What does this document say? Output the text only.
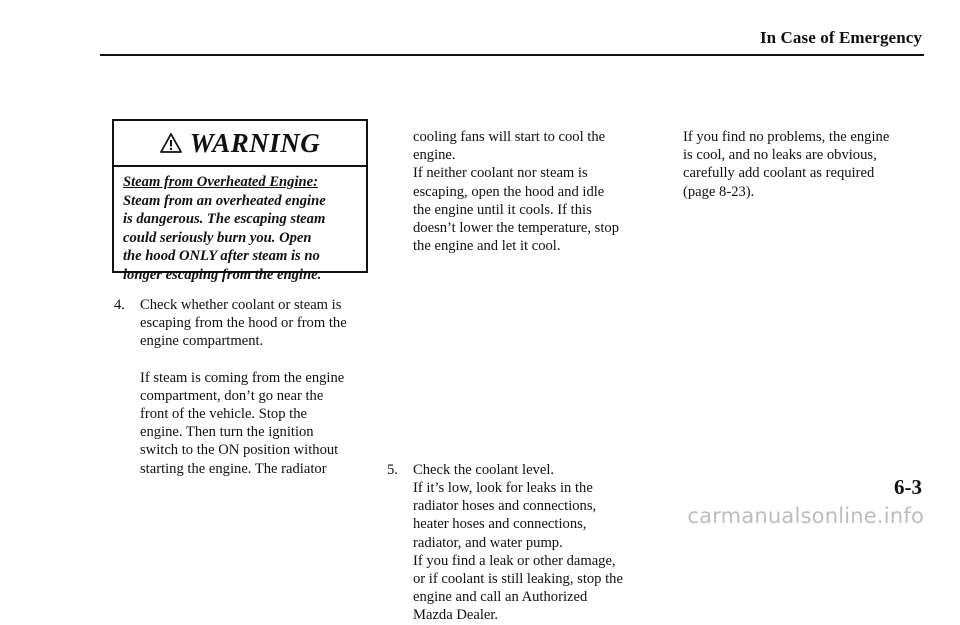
In Case of Emergency
WARNING
Steam from Overheated Engine:
Steam from an overheated engine
is dangerous. The escaping steam
could seriously burn you. Open
the hood ONLY after steam is no
longer escaping from the engine.
4. Check whether coolant or steam is
escaping from the hood or from the
engine compartment.

If steam is coming from the engine
compartment, don’t go near the
front of the vehicle. Stop the
engine. Then turn the ignition
switch to the ON position without
starting the engine. The radiator

cooling fans will start to cool the
engine.
If neither coolant nor steam is
escaping, open the hood and idle
the engine until it cools. If this
doesn’t lower the temperature, stop
the engine and let it cool.

5. Check the coolant level.
If it’s low, look for leaks in the
radiator hoses and connections,
heater hoses and connections,
radiator, and water pump.
If you find a leak or other damage,
or if coolant is still leaking, stop the
engine and call an Authorized
Mazda Dealer.

If you find no problems, the engine
is cool, and no leaks are obvious,
carefully add coolant as required
(page 8-23).

6-3
carmanualsonline.info
